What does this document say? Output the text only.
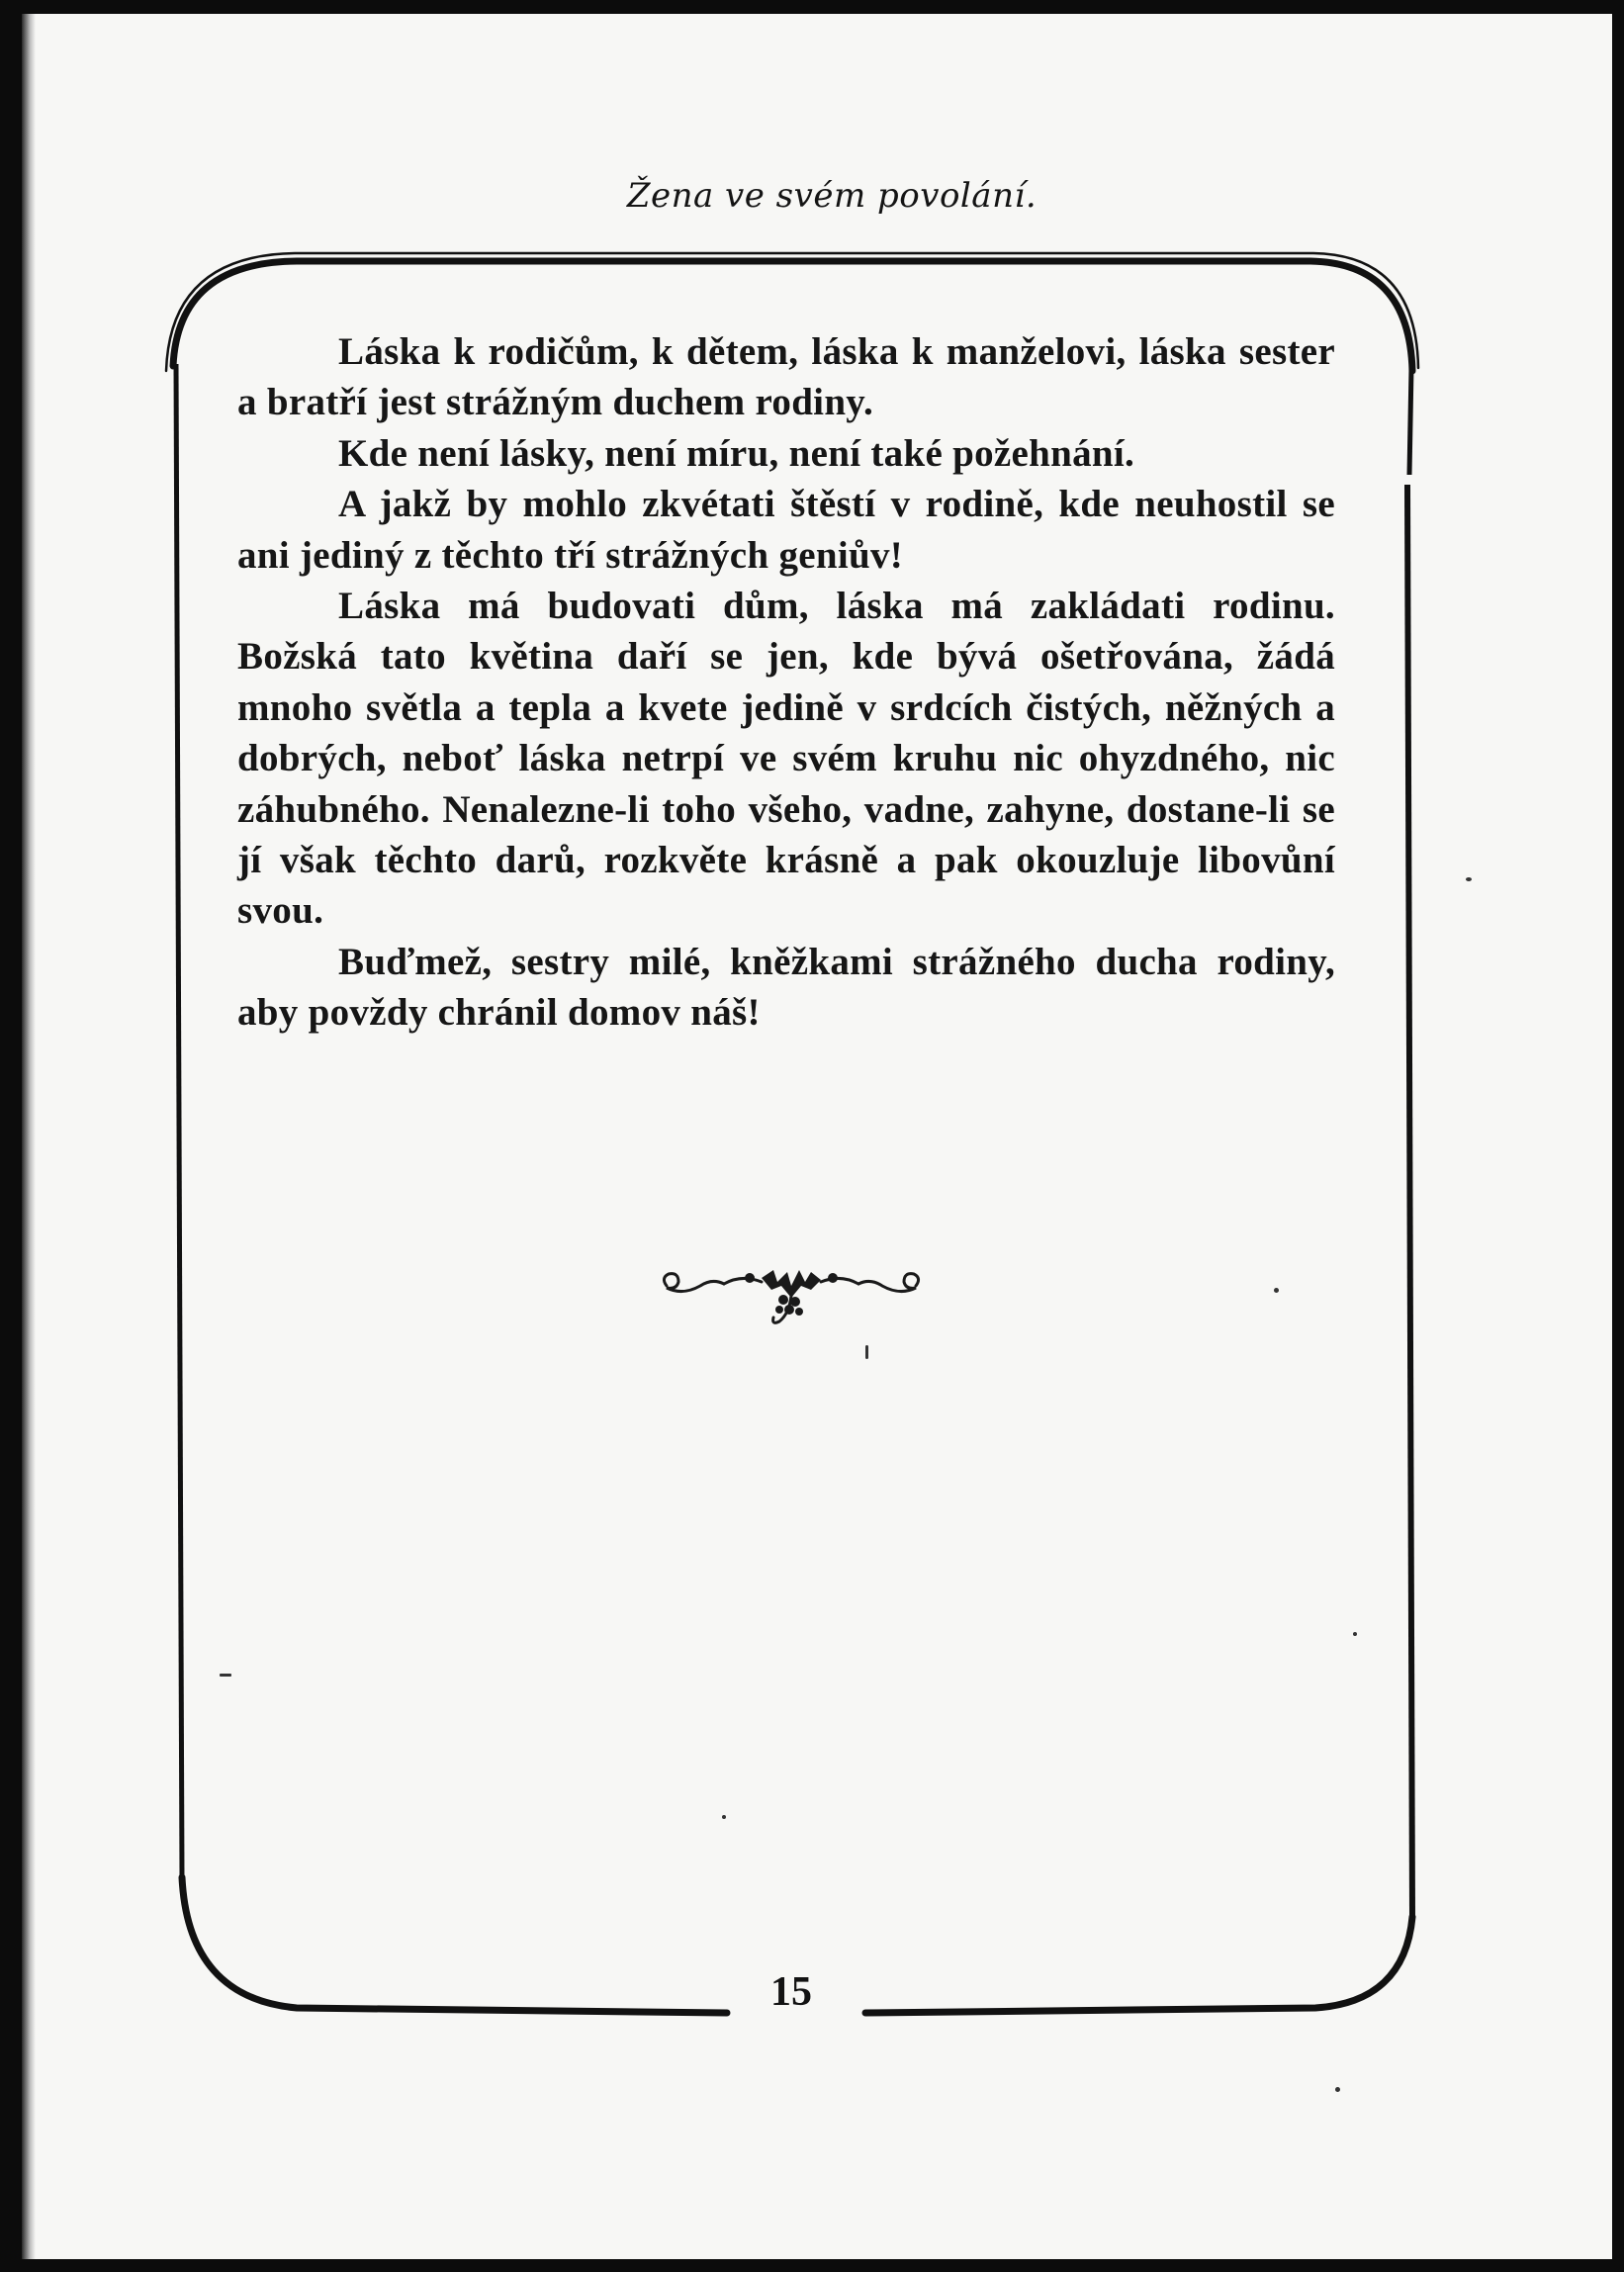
Žena ve svém povolání.

Láska k rodičům, k dětem, láska k manželovi, láska sester a bratří jest strážným duchem rodiny.

Kde není lásky, není míru, není také požehnání.

A jakž by mohlo zkvétati štěstí v rodině, kde neuhostil se ani jediný z těchto tří strážných geniův!

Láska má budovati dům, láska má zakládati rodinu. Božská tato květina daří se jen, kde bývá ošetřována, žádá mnoho světla a tepla a kvete jedině v srdcích čistých, něžných a dobrých, neboť láska netrpí ve svém kruhu nic ohyzdného, nic záhubného. Nenalezne-li toho všeho, vadne, zahyne, dostane-li se jí však těchto darů, rozkvěte krásně a pak okouzluje libovůní svou.

Buďmež, sestry milé, kněžkami strážného ducha rodiny, aby povždy chránil domov náš!

15
